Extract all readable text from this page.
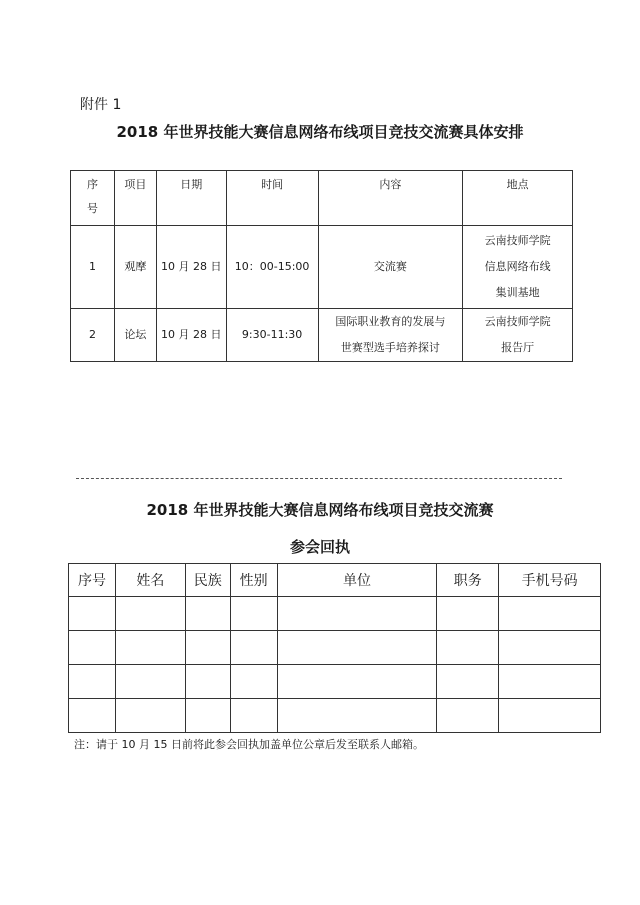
附件 1
2018 年世界技能大赛信息网络布线项目竞技交流赛具体安排
序
号	项目	日期	时间	内容	地点

1	观摩	10 月 28 日	10：00-15:00	交流赛	云南技师学院
信息网络布线
集训基地
2	论坛	10 月 28 日	9:30-11:30	国际职业教育的发展与
世赛型选手培养探讨	云南技师学院
报告厅
2018 年世界技能大赛信息网络布线项目竞技交流赛
参会回执
序号	姓名	民族	性别	单位	职务	手机号码

注：请于 10 月 15 日前将此参会回执加盖单位公章后发至联系人邮箱。
